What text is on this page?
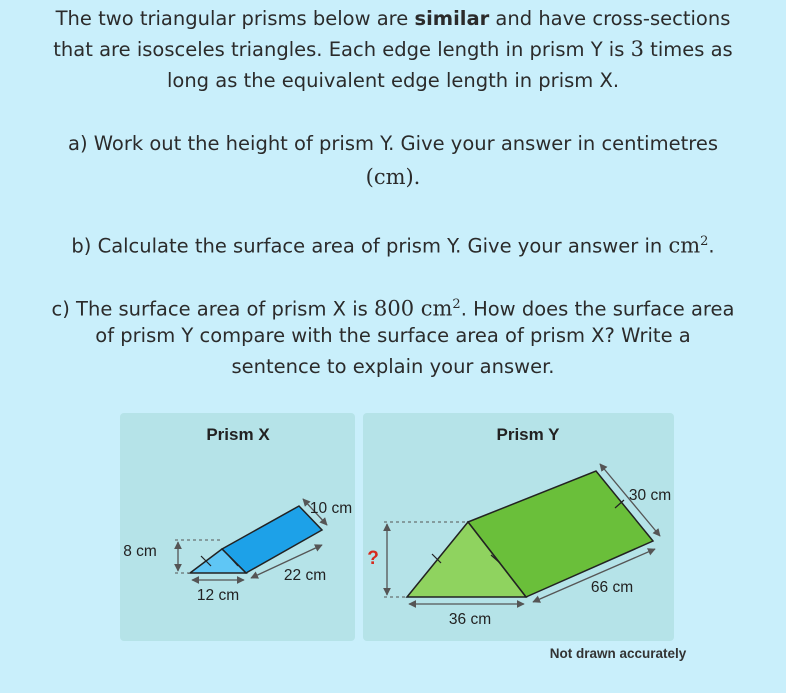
The two triangular prisms below are similar and have cross-sections
that are isosceles triangles. Each edge length in prism Y is 3 times as
long as the equivalent edge length in prism X.
a) Work out the height of prism Y. Give your answer in centimetres
(cm).
b) Calculate the surface area of prism Y. Give your answer in $cm^2$.
c) The surface area of prism X is 800 $cm^2$. How does the surface area
of prism Y compare with the surface area of prism X? Write a
sentence to explain your answer.
Prism X
8 cm
12 cm
22 cm
10 cm
Prism Y
?
36 cm
66 cm
30 cm
Not drawn accurately
